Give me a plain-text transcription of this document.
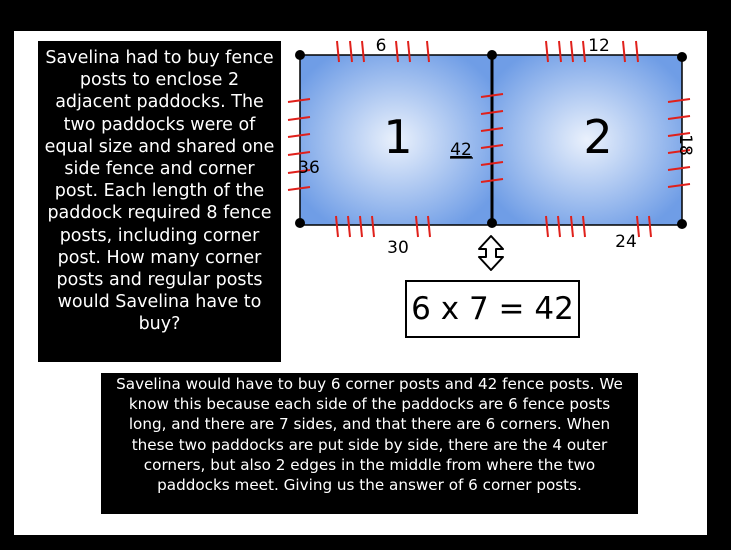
Savelina had to buy fence posts to enclose 2 adjacent paddocks. The two paddocks were of equal size and shared one side fence and corner post. Each length of the paddock required 8 fence posts, including corner post. How many corner posts and regular posts would Savelina have to buy?
1	2
6	12
36
42	18
30	24
6 x 7 = 42
Savelina would have to buy 6 corner posts and 42 fence posts. We know this because each side of the paddocks are 6 fence posts long, and there are 7 sides, and that there are 6 corners. When these two paddocks are put side by side, there are the 4 outer corners, but also 2 edges in the middle from where the two paddocks meet. Giving us the answer of 6 corner posts.
